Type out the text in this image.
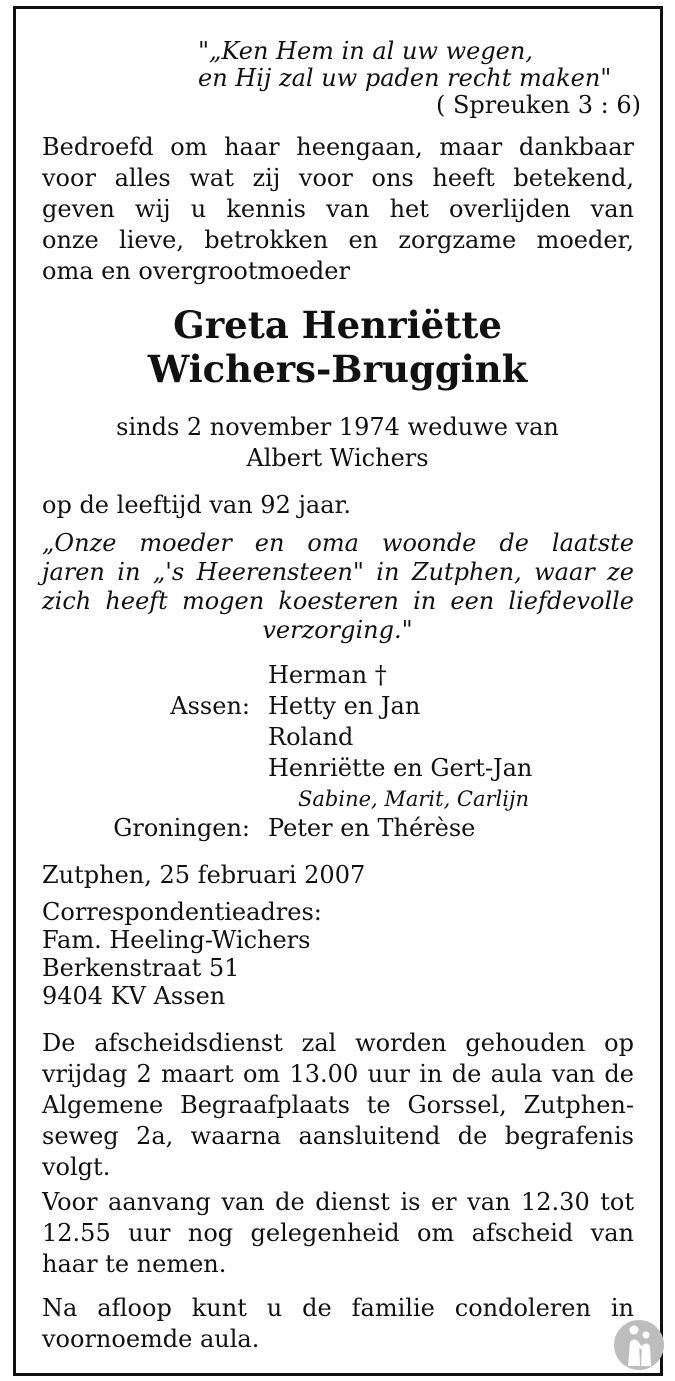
"„Ken Hem in al uw wegen,

en Hij zal uw paden recht maken"

( Spreuken 3 : 6)

Bedroefd om haar heengaan, maar dankbaar

voor alles wat zij voor ons heeft betekend,

geven wij u kennis van het overlijden van

onze lieve, betrokken en zorgzame moeder,

oma en overgrootmoeder

Greta Henriëtte

Wichers-Bruggink

sinds 2 november 1974 weduwe van

Albert Wichers

op de leeftijd van 92 jaar.

„Onze moeder en oma woonde de laatste

jaren in „'s Heerensteen" in Zutphen, waar ze

zich heeft mogen koesteren in een liefdevolle

verzorging."

Herman †

Assen: Hetty en Jan

Roland

Henriëtte en Gert-Jan

Sabine, Marit, Carlijn

Groningen: Peter en Thérèse

Zutphen, 25 februari 2007

Correspondentieadres:

Fam. Heeling-Wichers

Berkenstraat 51

9404 KV Assen

De afscheidsdienst zal worden gehouden op

vrijdag 2 maart om 13.00 uur in de aula van de

Algemene Begraafplaats te Gorssel, Zutphen-

seweg 2a, waarna aansluitend de begrafenis

volgt.

Voor aanvang van de dienst is er van 12.30 tot

12.55 uur nog gelegenheid om afscheid van

haar te nemen.

Na afloop kunt u de familie condoleren in

voornoemde aula.
